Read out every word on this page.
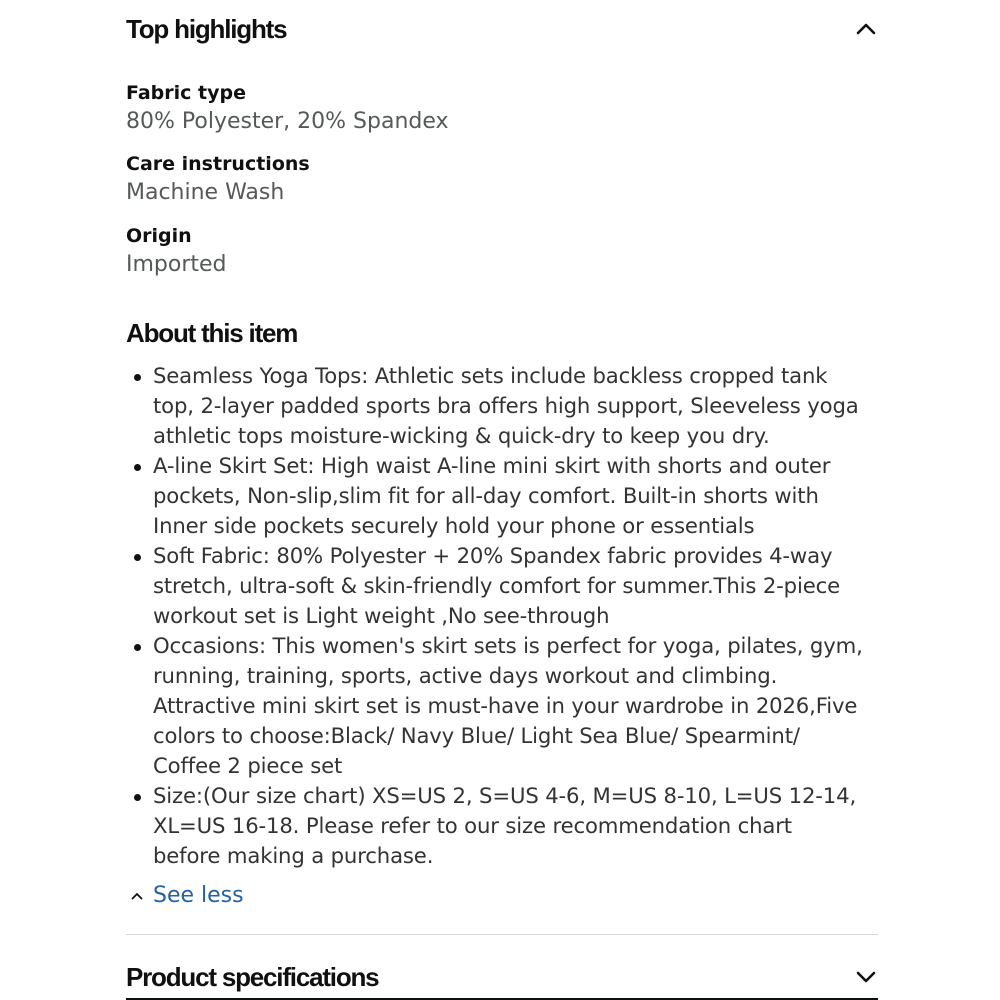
Top highlights
Fabric type
80% Polyester, 20% Spandex
Care instructions
Machine Wash
Origin
Imported
About this item
Seamless Yoga Tops: Athletic sets include backless cropped tank
top, 2-layer padded sports bra offers high support, Sleeveless yoga
athletic tops moisture-wicking & quick-dry to keep you dry.
A-line Skirt Set: High waist A-line mini skirt with shorts and outer
pockets, Non-slip,slim fit for all-day comfort. Built-in shorts with
Inner side pockets securely hold your phone or essentials
Soft Fabric: 80% Polyester + 20% Spandex fabric provides 4-way
stretch, ultra-soft & skin-friendly comfort for summer.This 2-piece
workout set is Light weight ,No see-through
Occasions: This women's skirt sets is perfect for yoga, pilates, gym,
running, training, sports, active days workout and climbing.
Attractive mini skirt set is must-have in your wardrobe in 2026,Five
colors to choose:Black/ Navy Blue/ Light Sea Blue/ Spearmint/
Coffee 2 piece set
Size:(Our size chart) XS=US 2, S=US 4-6, M=US 8-10, L=US 12-14,
XL=US 16-18. Please refer to our size recommendation chart
before making a purchase.
See less
Product specifications
